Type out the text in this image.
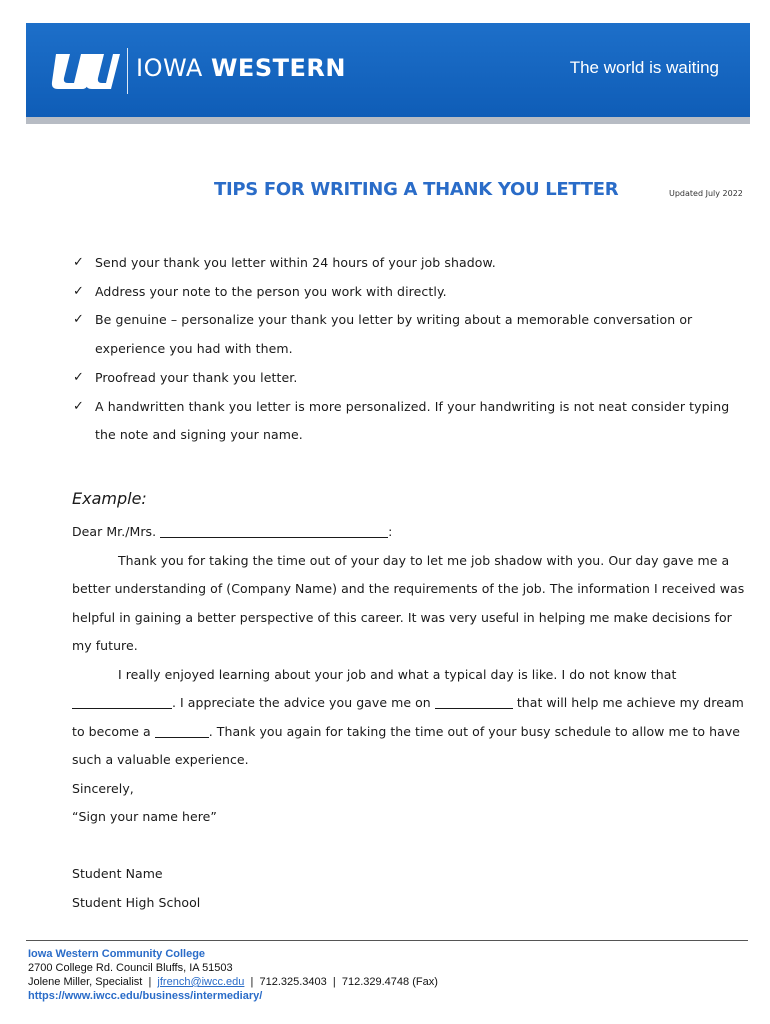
IOWA WESTERN	The world is waiting
TIPS FOR WRITING A THANK YOU LETTER	Updated July 2022
✓ Send your thank you letter within 24 hours of your job shadow.
✓ Address your note to the person you work with directly.
✓ Be genuine – personalize your thank you letter by writing about a memorable conversation or experience you had with them.
✓ Proofread your thank you letter.
✓ A handwritten thank you letter is more personalized. If your handwriting is not neat consider typing the note and signing your name.
Example:

Dear Mr./Mrs.	:

Thank you for taking the time out of your day to let me job shadow with you. Our day gave me a better understanding of (Company Name) and the requirements of the job. The information I received was helpful in gaining a better perspective of this career. It was very useful in helping me make decisions for my future.

I really enjoyed learning about your job and what a typical day is like. I do not know that . I appreciate the advice you gave me on	that will help me achieve my dream to become a	. Thank you again for taking the time out of your busy schedule to allow me to have such a valuable experience.

Sincerely,

“Sign your name here”

Student Name

Student High School

Iowa Western Community College
2700 College Rd. Council Bluffs, IA 51503
Jolene Miller, Specialist  |  jfrench@iwcc.edu  |  712.325.3403  |  712.329.4748 (Fax)
https://www.iwcc.edu/business/intermediary/
